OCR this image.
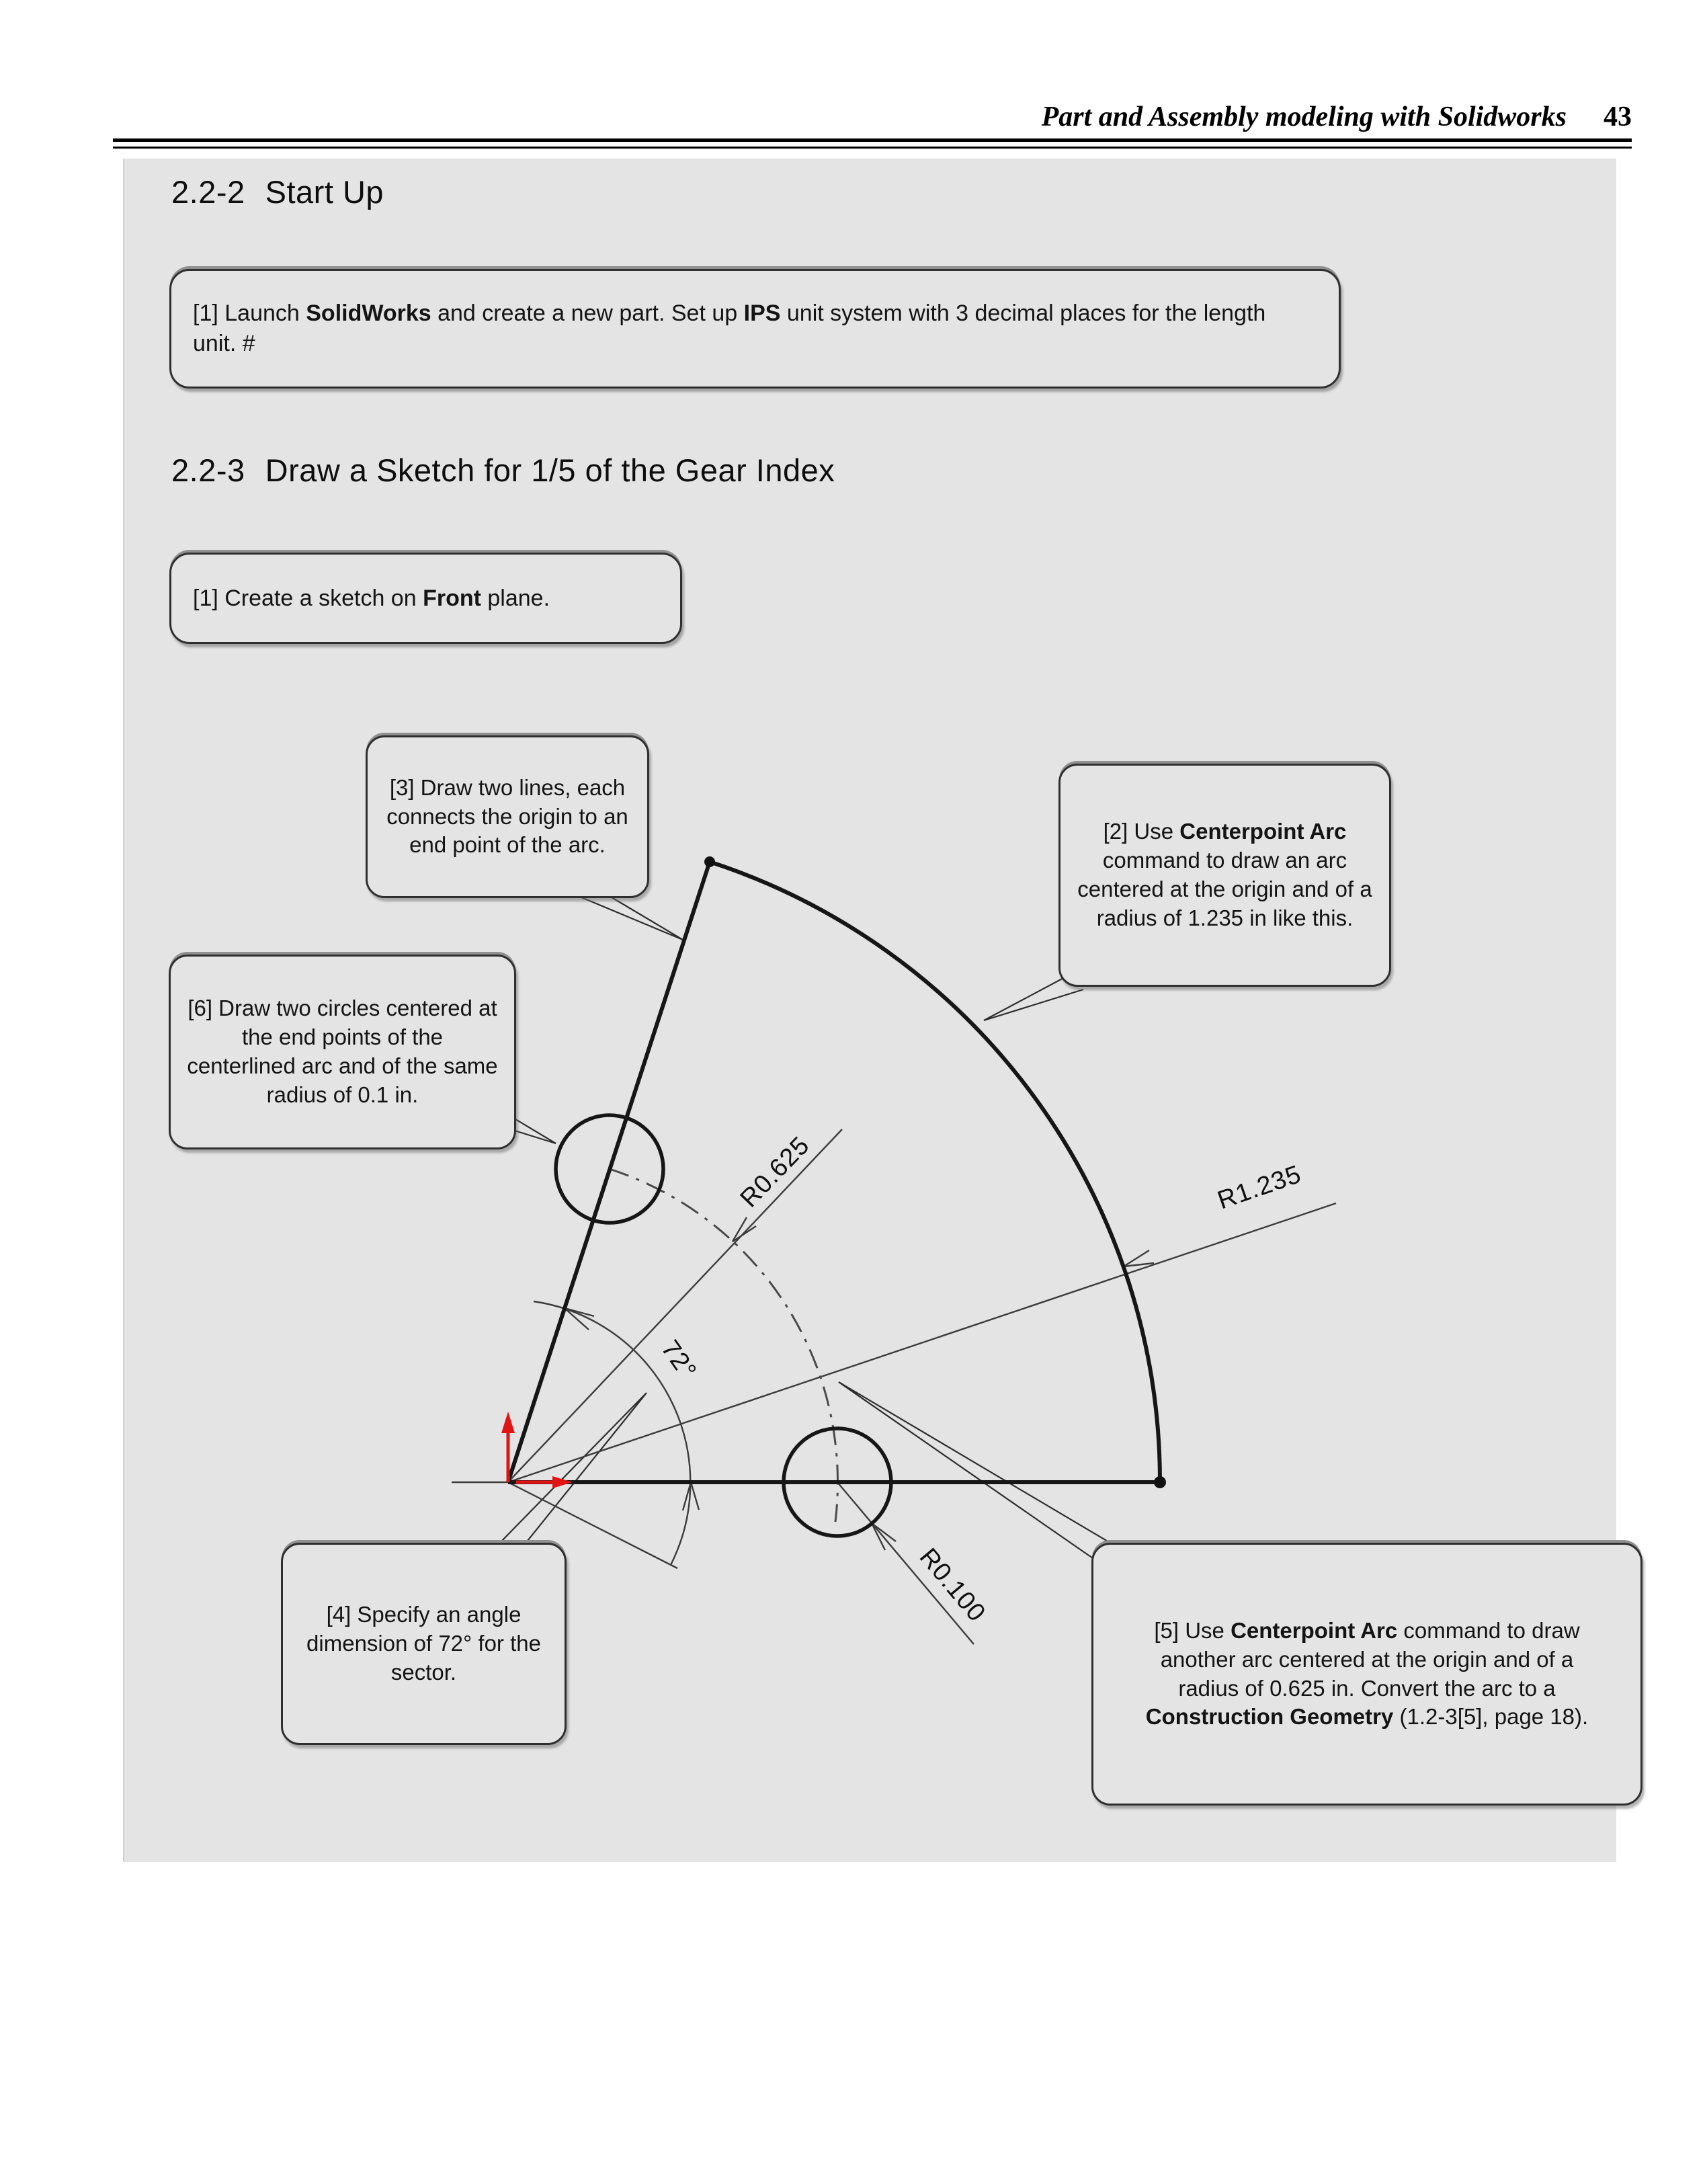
Part and Assembly modeling with Solidworks 43
2.2-2 Start Up
2.2-3 Draw a Sketch for 1/5 of the Gear Index
[1] Launch SolidWorks and create a new part. Set up IPS unit system with 3 decimal places for the length unit. #
[1] Create a sketch on Front plane.
R0.625	R1.235
R0.100
72°
[3] Draw two lines, each connects the origin to an end point of the arc.
[2] Use Centerpoint Arc command to draw an arc centered at the origin and of a radius of 1.235 in like this.
[6] Draw two circles centered at the end points of the centerlined arc and of the same radius of 0.1 in.
[4] Specify an angle dimension of 72° for the sector.
[5] Use Centerpoint Arc command to draw another arc centered at the origin and of a radius of 0.625 in. Convert the arc to a Construction Geometry (1.2-3[5], page 18).
